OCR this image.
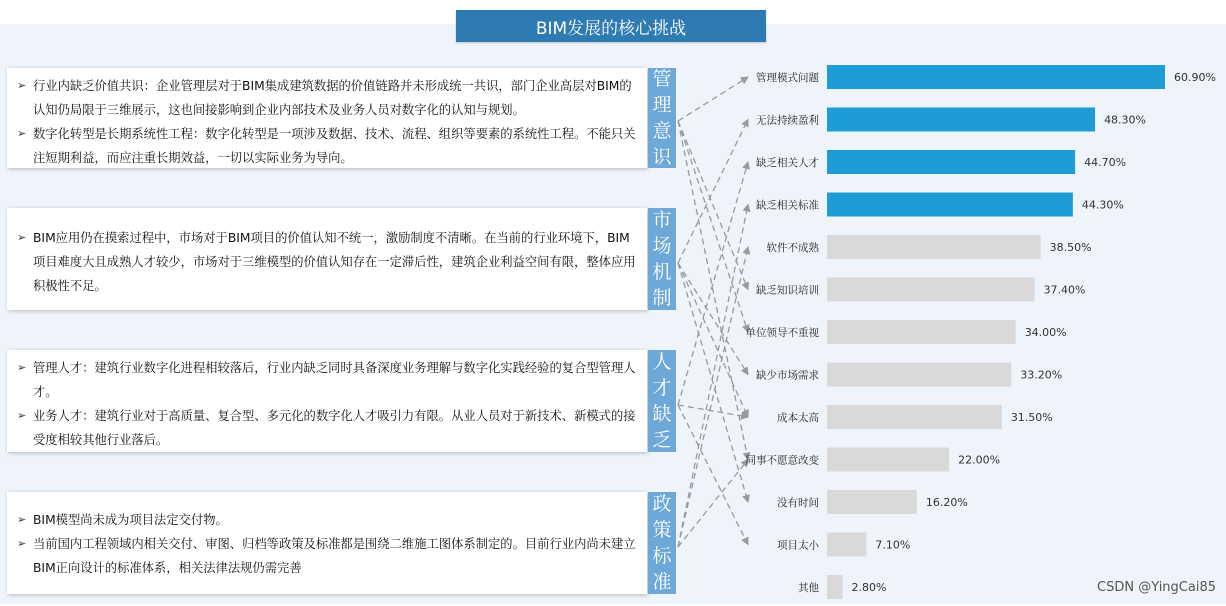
BIM发展的核心挑战
➢ 行业内缺乏价值共识：企业管理层对于BIM集成建筑数据的价值链路并未形成统一共识，部门企业高层对BIM的认知仍局限于三维展示，这也间接影响到企业内部技术及业务人员对数字化的认知与规划。
➢ 数字化转型是长期系统性工程：数字化转型是一项涉及数据、技术、流程、组织等要素的系统性工程。不能只关注短期利益，而应注重长期效益，一切以实际业务为导向。
管
理
意
识
➢ BIM应用仍在摸索过程中，市场对于BIM项目的价值认知不统一，激励制度不清晰。在当前的行业环境下，BIM项目难度大且成熟人才较少，市场对于三维模型的价值认知存在一定滞后性，建筑企业利益空间有限，整体应用积极性不足。
市
场
机
制
➢ 管理人才：建筑行业数字化进程相较落后，行业内缺乏同时具备深度业务理解与数字化实践经验的复合型管理人才。
➢ 业务人才：建筑行业对于高质量、复合型、多元化的数字化人才吸引力有限。从业人员对于新技术、新模式的接受度相较其他行业落后。
人
才
缺
乏
➢ BIM模型尚未成为项目法定交付物。
➢ 当前国内工程领域内相关交付、审图、归档等政策及标准都是围绕二维施工图体系制定的。目前行业内尚未建立BIM正向设计的标准体系，相关法律法规仍需完善
政
策
标
准
管理模式问题	60.90%
无法持续盈利	48.30%
缺乏相关人才	44.70%
缺乏相关标准	44.30%
软件不成熟	38.50%
缺乏知识培训	37.40%
单位领导不重视	34.00%
缺少市场需求	33.20%
成本太高	31.50%
同事不愿意改变	22.00%
没有时间	16.20%
项目太小	7.10%
其他	2.80%	CSDN @YingCai85
